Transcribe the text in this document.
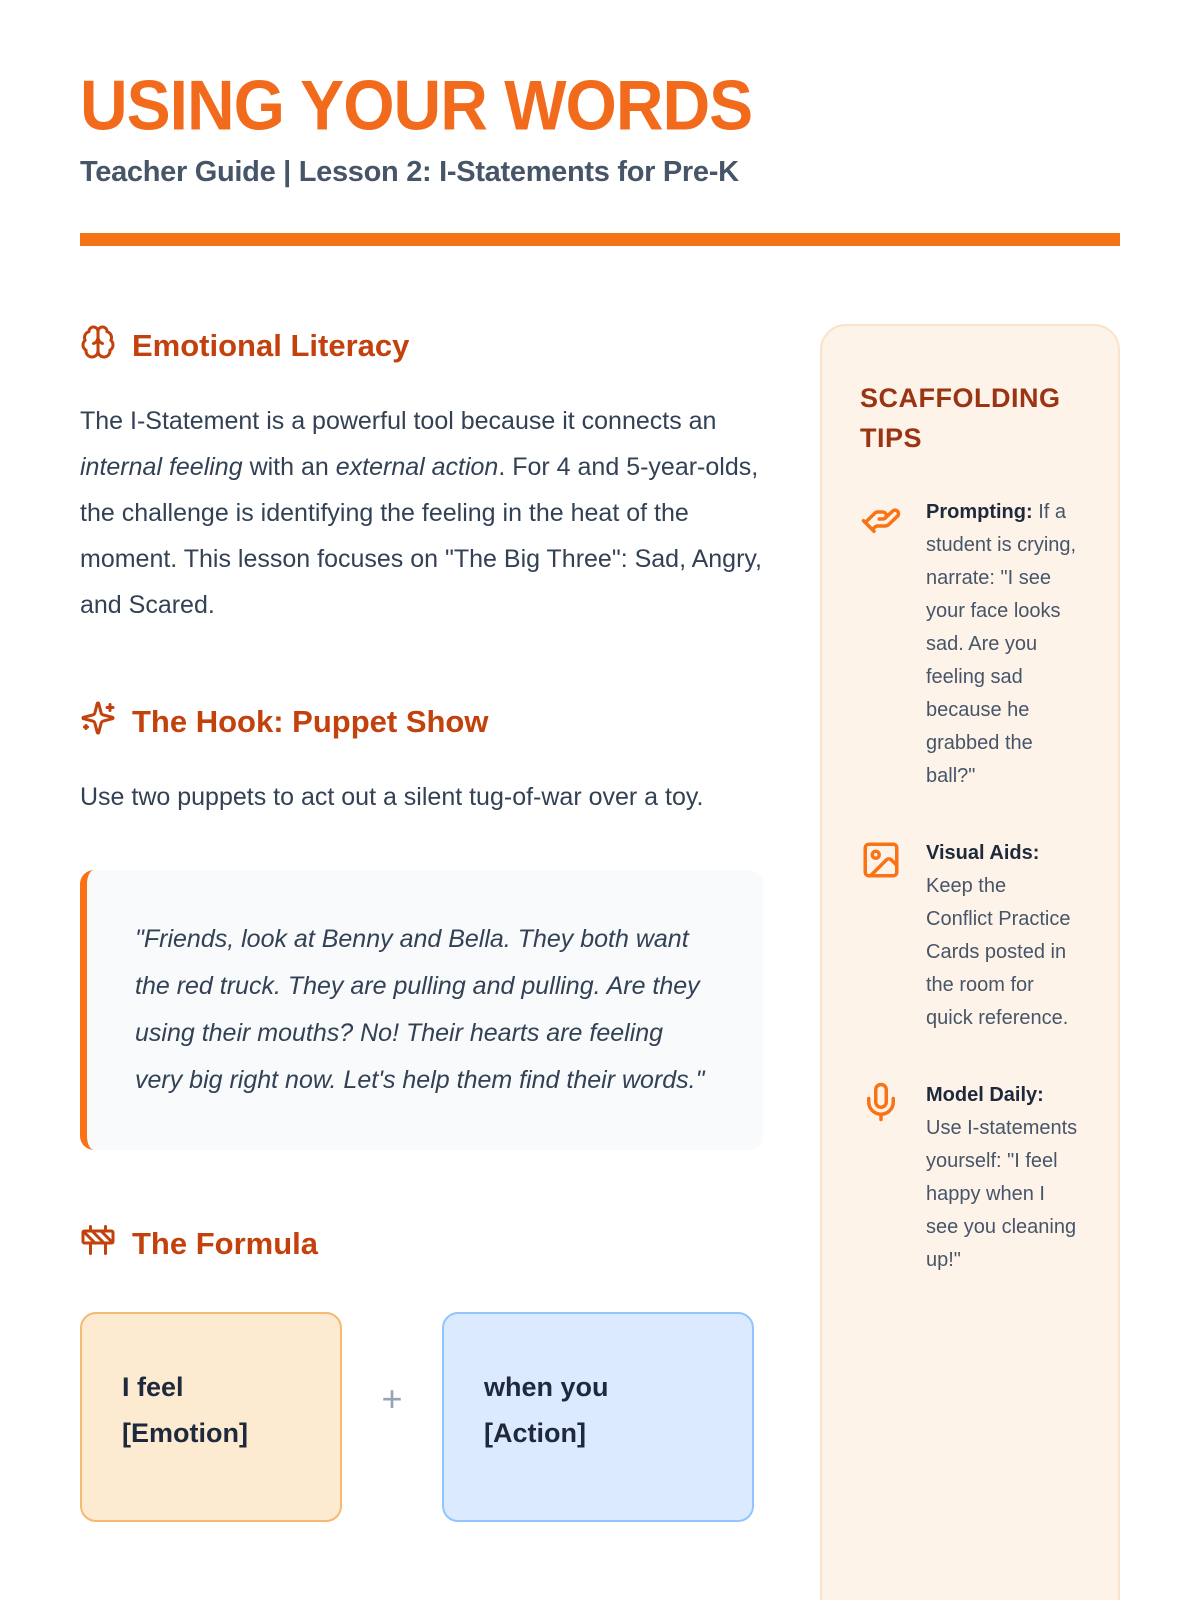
USING YOUR WORDS
Teacher Guide | Lesson 2: I-Statements for Pre-K
Emotional Literacy

The I-Statement is a powerful tool because it connects an internal feeling with an external action. For 4 and 5-year-olds, the challenge is identifying the feeling in the heat of the moment. This lesson focuses on "The Big Three": Sad, Angry, and Scared.

The Hook: Puppet Show

Use two puppets to act out a silent tug-of-war over a toy.

"Friends, look at Benny and Bella. They both want the red truck. They are pulling and pulling. Are they using their mouths? No! Their hearts are feeling very big right now. Let's help them find their words."
The Formula
I feel
[Emotion]
+	when you
[Action]
SCAFFOLDING TIPS
Prompting: If a student is crying, narrate: "I see your face looks sad. Are you feeling sad because he grabbed the ball?"
Visual Aids: Keep the Conflict Practice Cards posted in the room for quick reference.
Model Daily: Use I-statements yourself: "I feel happy when I see you cleaning up!"
